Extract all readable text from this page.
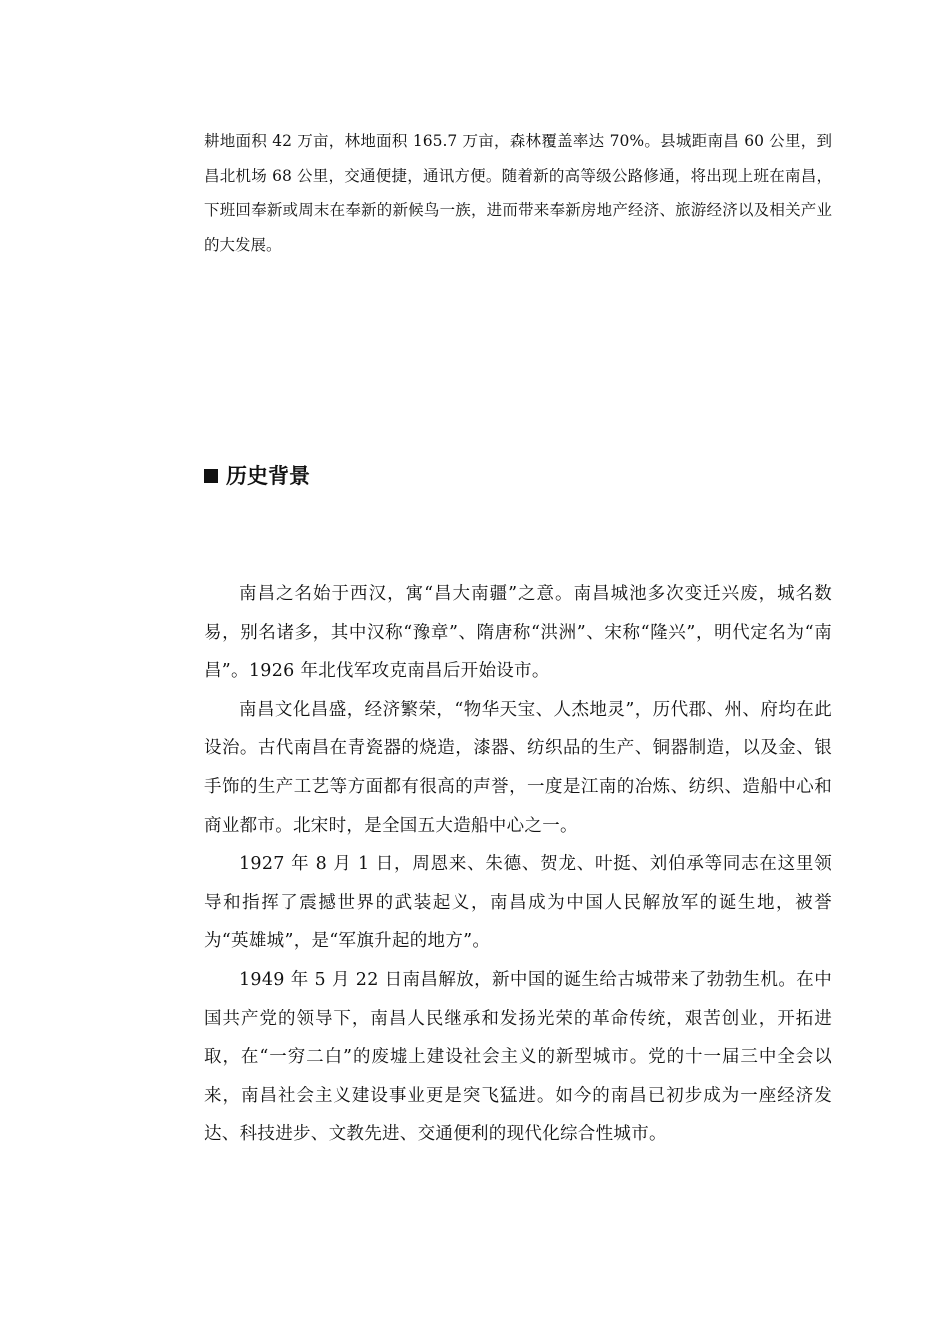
耕地面积 42 万亩，林地面积 165.7 万亩，森林覆盖率达 70%。县城距南昌 60 公里，到昌北机场 68 公里，交通便捷，通讯方便。随着新的高等级公路修通，将出现上班在南昌，下班回奉新或周末在奉新的新候鸟一族，进而带来奉新房地产经济、旅游经济以及相关产业的大发展。

历史背景

南昌之名始于西汉，寓“昌大南疆”之意。南昌城池多次变迁兴废，城名数易，别名诸多，其中汉称“豫章”、隋唐称“洪洲”、宋称“隆兴”，明代定名为“南昌”。1926 年北伐军攻克南昌后开始设市。

南昌文化昌盛，经济繁荣，“物华天宝、人杰地灵”，历代郡、州、府均在此设治。古代南昌在青瓷器的烧造，漆器、纺织品的生产、铜器制造，以及金、银手饰的生产工艺等方面都有很高的声誉，一度是江南的冶炼、纺织、造船中心和商业都市。北宋时，是全国五大造船中心之一。

1927 年 8 月 1 日，周恩来、朱德、贺龙、叶挺、刘伯承等同志在这里领导和指挥了震撼世界的武装起义，南昌成为中国人民解放军的诞生地，被誉为“英雄城”，是“军旗升起的地方”。

1949 年 5 月 22 日南昌解放，新中国的诞生给古城带来了勃勃生机。在中国共产党的领导下，南昌人民继承和发扬光荣的革命传统，艰苦创业，开拓进取，在“一穷二白”的废墟上建设社会主义的新型城市。党的十一届三中全会以来，南昌社会主义建设事业更是突飞猛进。如今的南昌已初步成为一座经济发达、科技进步、文教先进、交通便利的现代化综合性城市。
